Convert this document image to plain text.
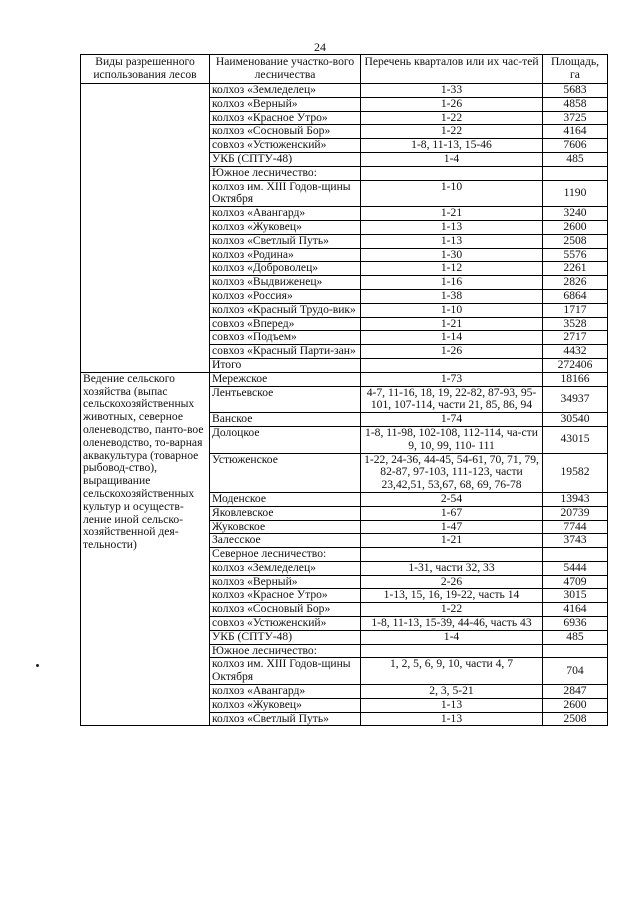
24
Виды разрешенного использования лесов	Наименование участко-вого лесничества	Перечень кварталов или их час-тей	Площадь, га
	колхоз «Земледелец»	1-33	5683
	колхоз «Верный»	1-26	4858
	колхоз «Красное Утро»	1-22	3725
	колхоз «Сосновый Бор»	1-22	4164
	совхоз «Устюженский»	1-8, 11-13, 15-46	7606
	УКБ (СПТУ-48)	1-4	485
	Южное лесничество:		
	колхоз им. XIII Годов-щины Октября	1-10	1190
	колхоз «Авангард»	1-21	3240
	колхоз «Жуковец»	1-13	2600
	колхоз «Светлый Путь»	1-13	2508
	колхоз «Родина»	1-30	5576
	колхоз «Доброволец»	1-12	2261
	колхоз «Выдвиженец»	1-16	2826
	колхоз «Россия»	1-38	6864
	колхоз «Красный Трудо-вик»	1-10	1717
	совхоз «Вперед»	1-21	3528
	совхоз «Подъем»	1-14	2717
	совхоз «Красный Парти-зан»	1-26	4432
	Итого		272406
Ведение сельского хозяйства (выпас сельскохозяйственных животных, северное оленеводство, панто-вое оленеводство, то-варная аквакультура (товарное рыбовод-ство), выращивание сельскохозяйственных культур и осуществ-ление иной сельско-хозяйственной дея-тельности)	Мережское	1-73	18166
	Лентьевское	4-7, 11-16, 18, 19, 22-82, 87-93, 95-101, 107-114, части 21, 85, 86, 94	34937
	Ванское	1-74	30540
	Долоцкое	1-8, 11-98, 102-108, 112-114, ча-сти 9, 10, 99, 110- 111	43015
	Устюженское	1-22, 24-36, 44-45, 54-61, 70, 71, 79, 82-87, 97-103, 111-123, части 23,42,51, 53,67, 68, 69, 76-78	19582
	Моденское	2-54	13943
	Яковлевское	1-67	20739
	Жуковское	1-47	7744
	Залесское	1-21	3743
	Северное лесничество:		
	колхоз «Земледелец»	1-31, части 32, 33	5444
	колхоз «Верный»	2-26	4709
	колхоз «Красное Утро»	1-13, 15, 16, 19-22, часть 14	3015
	колхоз «Сосновый Бор»	1-22	4164
	совхоз «Устюженский»	1-8, 11-13, 15-39, 44-46, часть 43	6936
	УКБ (СПТУ-48)	1-4	485
	Южное лесничество:		
	колхоз им. XIII Годов-щины Октября	1, 2, 5, 6, 9, 10, части 4, 7	704
	колхоз «Авангард»	2, 3, 5-21	2847
	колхоз «Жуковец»	1-13	2600
	колхоз «Светлый Путь»	1-13	2508
